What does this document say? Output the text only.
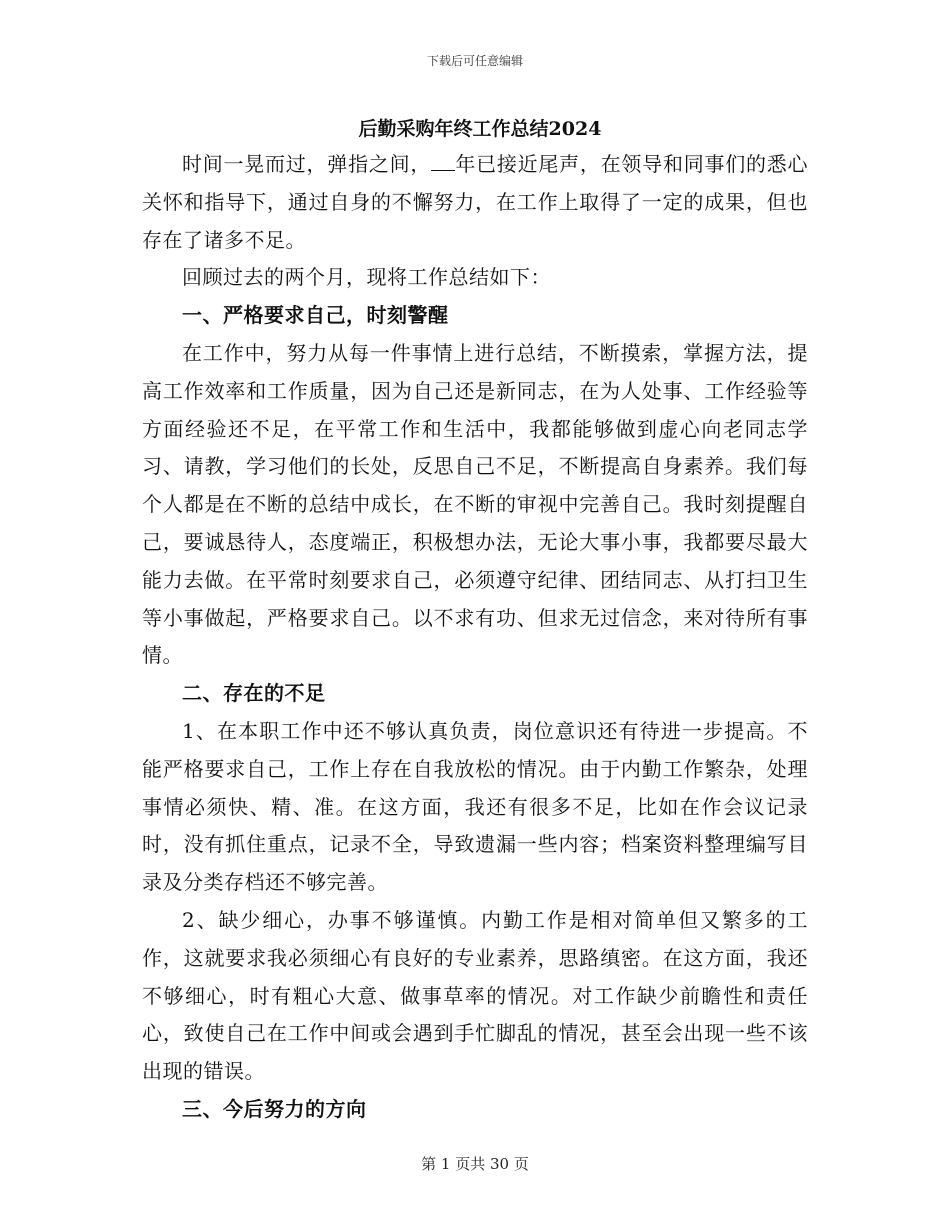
下载后可任意编辑
后勤采购年终工作总结2024

时间一晃而过，弹指之间， 年已接近尾声，在领导和同事们的悉心关怀和指导下，通过自身的不懈努力，在工作上取得了一定的成果，但也存在了诸多不足。

回顾过去的两个月，现将工作总结如下：

一、严格要求自己，时刻警醒

在工作中，努力从每一件事情上进行总结，不断摸索，掌握方法，提高工作效率和工作质量，因为自己还是新同志，在为人处事、工作经验等方面经验还不足，在平常工作和生活中，我都能够做到虚心向老同志学习、请教，学习他们的长处，反思自己不足，不断提高自身素养。我们每个人都是在不断的总结中成长，在不断的审视中完善自己。我时刻提醒自己，要诚恳待人，态度端正，积极想办法，无论大事小事，我都要尽最大能力去做。在平常时刻要求自己，必须遵守纪律、团结同志、从打扫卫生等小事做起，严格要求自己。以不求有功、但求无过信念，来对待所有事情。

二、存在的不足

1、在本职工作中还不够认真负责，岗位意识还有待进一步提高。不能严格要求自己，工作上存在自我放松的情况。由于内勤工作繁杂，处理事情必须快、精、准。在这方面，我还有很多不足，比如在作会议记录时，没有抓住重点，记录不全，导致遗漏一些内容；档案资料整理编写目录及分类存档还不够完善。

2、缺少细心，办事不够谨慎。内勤工作是相对简单但又繁多的工作，这就要求我必须细心有良好的专业素养，思路缜密。在这方面，我还不够细心，时有粗心大意、做事草率的情况。对工作缺少前瞻性和责任心，致使自己在工作中间或会遇到手忙脚乱的情况，甚至会出现一些不该出现的错误。

三、今后努力的方向

第 1 页共 30 页
